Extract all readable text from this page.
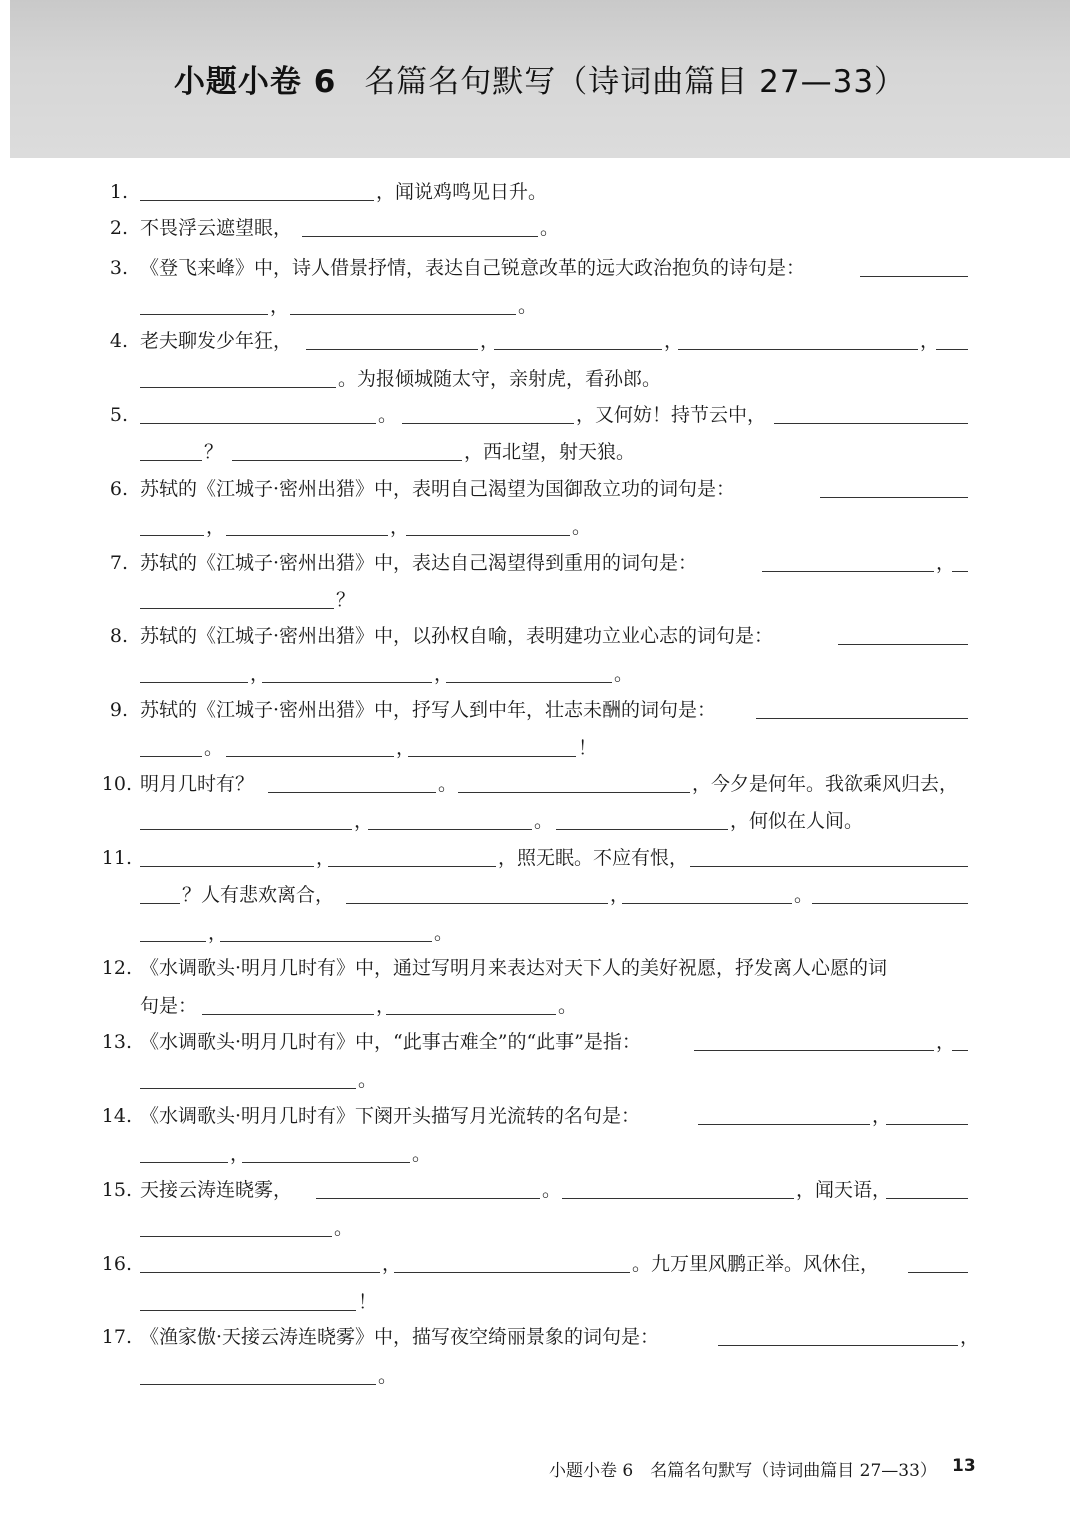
小题小卷 6 名篇名句默写（诗词曲篇目 27—33）
1.	，闻说鸡鸣见日升。
2. 不畏浮云遮望眼，	。
3. 《登飞来峰》中，诗人借景抒情，表达自己锐意改革的远大政治抱负的诗句是：
，	。
4. 老夫聊发少年狂，	，	，	，
。为报倾城随太守，亲射虎，看孙郎。
5.	。	，又何妨！持节云中，
？	，西北望，射天狼。
6. 苏轼的《江城子·密州出猎》中，表明自己渴望为国御敌立功的词句是：
，	，	。
7. 苏轼的《江城子·密州出猎》中，表达自己渴望得到重用的词句是：	，
？
8. 苏轼的《江城子·密州出猎》中，以孙权自喻，表明建功立业心志的词句是：
，	，	。
9. 苏轼的《江城子·密州出猎》中，抒写人到中年，壮志未酬的词句是：
。	，	！
10. 明月几时有？	。	，今夕是何年。我欲乘风归去，
，	。	，何似在人间。
11.	，	，照无眠。不应有恨，
？人有悲欢离合，	，	。
，	。
12. 《水调歌头·明月几时有》中，通过写明月来表达对天下人的美好祝愿，抒发离人心愿的词
句是：	，	。
13. 《水调歌头·明月几时有》中，“此事古难全”的“此事”是指：	，
。
14. 《水调歌头·明月几时有》下阕开头描写月光流转的名句是：	，
，	。
15. 天接云涛连晓雾，	。	，闻天语，
。
16.	，	。九万里风鹏正举。风休住，
！
17. 《渔家傲·天接云涛连晓雾》中，描写夜空绮丽景象的词句是：	，
。
小题小卷 6　名篇名句默写（诗词曲篇目 27—33） 13
